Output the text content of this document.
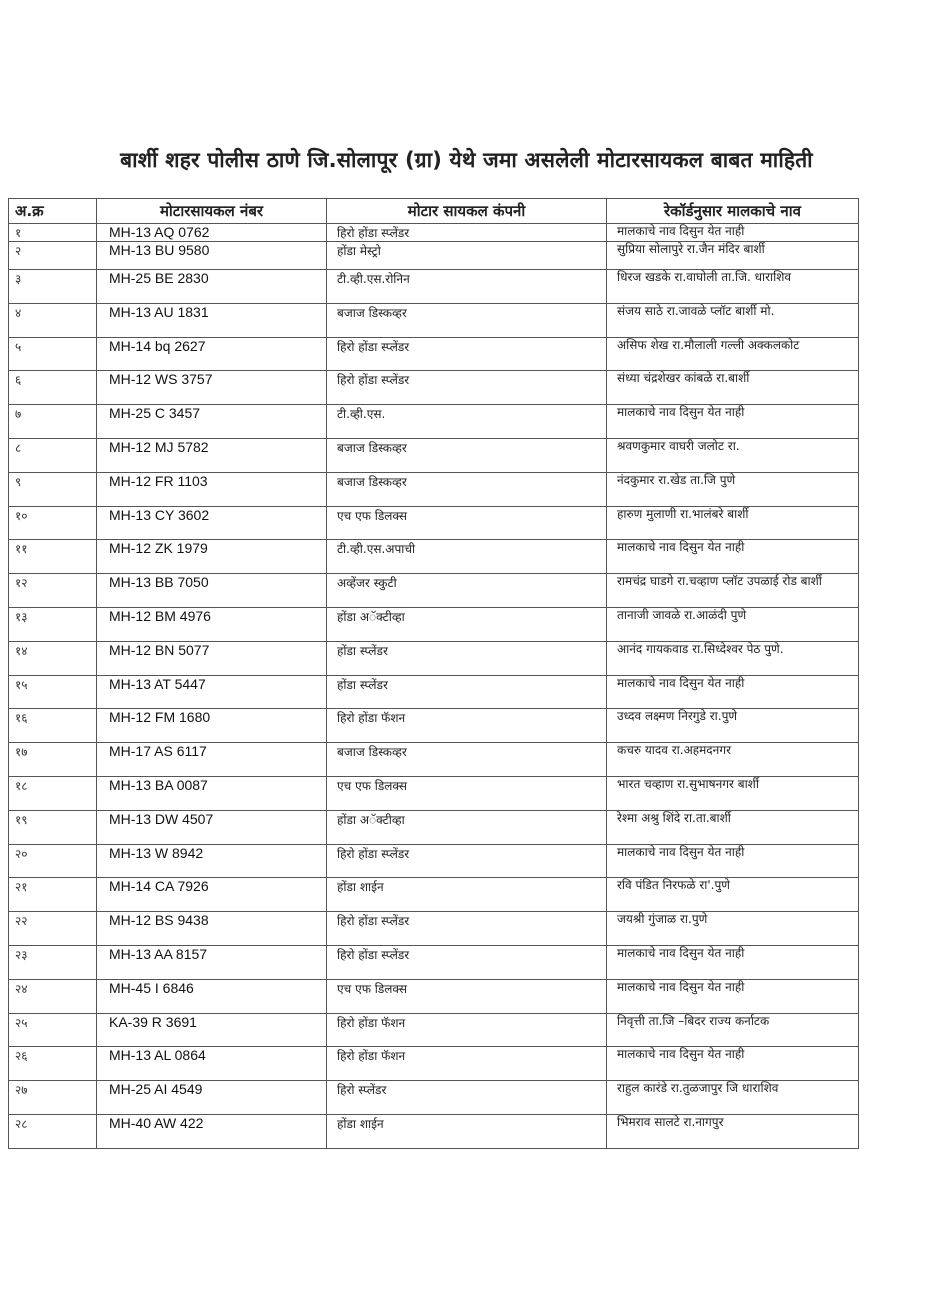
बार्शी शहर पोलीस ठाणे जि.सोलापूर (ग्रा) येथे जमा असलेली मोटारसायकल बाबत माहिती
अ.क्र	मोटारसायकल नंबर	मोटार सायकल कंपनी	रेकॉर्डनुसार मालकाचे नाव
१	MH-13 AQ 0762	हिरो होंडा स्प्लेंडर	मालकाचे नाव दिसुन येत नाही
२	MH-13 BU 9580	होंडा मेस्ट्रो	सुप्रिया सोलापुरे रा.जैन मंदिर बार्शी
३	MH-25 BE 2830	टी.व्ही.एस.रोनिन	धिरज खडके रा.वाघोली ता.जि. धाराशिव
४	MH-13 AU 1831	बजाज डिस्कव्हर	संजय साठे रा.जावळे प्लॉट बार्शी मो.
५	MH-14 bq 2627	हिरो होंडा स्प्लेंडर	असिफ शेख रा.मौलाली गल्ली अक्कलकोट
६	MH-12 WS 3757	हिरो होंडा स्प्लेंडर	संध्या चंद्रशेखर कांबळे रा.बार्शी
७	MH-25 C 3457	टी.व्ही.एस.	मालकाचे नाव दिसुन येत नाही
८	MH-12 MJ 5782	बजाज डिस्कव्हर	श्रवणकुमार वाघरी जलोट रा.
९	MH-12 FR 1103	बजाज डिस्कव्हर	नंदकुमार रा.खेड ता.जि पुणे
१०	MH-13 CY 3602	एच एफ डिलक्स	हारुण मुलाणी रा.भालंबरे बार्शी
११	MH-12 ZK 1979	टी.व्ही.एस.अपाची	मालकाचे नाव दिसुन येत नाही
१२	MH-13 BB 7050	अव्हेंजर स्कुटी	रामचंद्र घाडगे रा.चव्हाण प्लॉट उपळाई रोड बार्शी
१३	MH-12 BM 4976	होंडा अॅक्टीव्हा	तानाजी जावळे रा.आळंदी पुणे
१४	MH-12 BN 5077	होंडा स्प्लेंडर	आनंद गायकवाड रा.सिध्देश्वर पेठ पुणे.
१५	MH-13 AT 5447	होंडा स्प्लेंडर	मालकाचे नाव दिसुन येत नाही
१६	MH-12 FM 1680	हिरो होंडा फॅशन	उध्दव लक्ष्मण निरगुडे रा.पुणे
१७	MH-17 AS 6117	बजाज डिस्कव्हर	कचरु यादव रा.अहमदनगर
१८	MH-13 BA 0087	एच एफ डिलक्स	भारत चव्हाण रा.सुभाषनगर बार्शी
१९	MH-13 DW 4507	होंडा अॅक्टीव्हा	रेश्मा अश्रु शिंदे रा.ता.बार्शी
२०	MH-13 W 8942	हिरो होंडा स्प्लेंडर	मालकाचे नाव दिसुन येत नाही
२१	MH-14 CA 7926	होंडा शाईन	रवि पंडित निरफळे रा'.पुणे
२२	MH-12 BS 9438	हिरो होंडा स्प्लेंडर	जयश्री गुंजाळ रा.पुणे
२३	MH-13 AA 8157	हिरो होंडा स्प्लेंडर	मालकाचे नाव दिसुन येत नाही
२४	MH-45 I 6846	एच एफ डिलक्स	मालकाचे नाव दिसुन येत नाही
२५	KA-39 R 3691	हिरो होंडा फॅशन	निवृत्ती ता.जि –बिदर राज्य कर्नाटक
२६	MH-13 AL 0864	हिरो होंडा फॅशन	मालकाचे नाव दिसुन येत नाही
२७	MH-25 AI 4549	हिरो स्प्लेंडर	राहुल कारंडे रा.तुळजापुर जि धाराशिव
२८	MH-40 AW 422	होंडा शाईन	भिमराव सालटे रा.नागपुर
